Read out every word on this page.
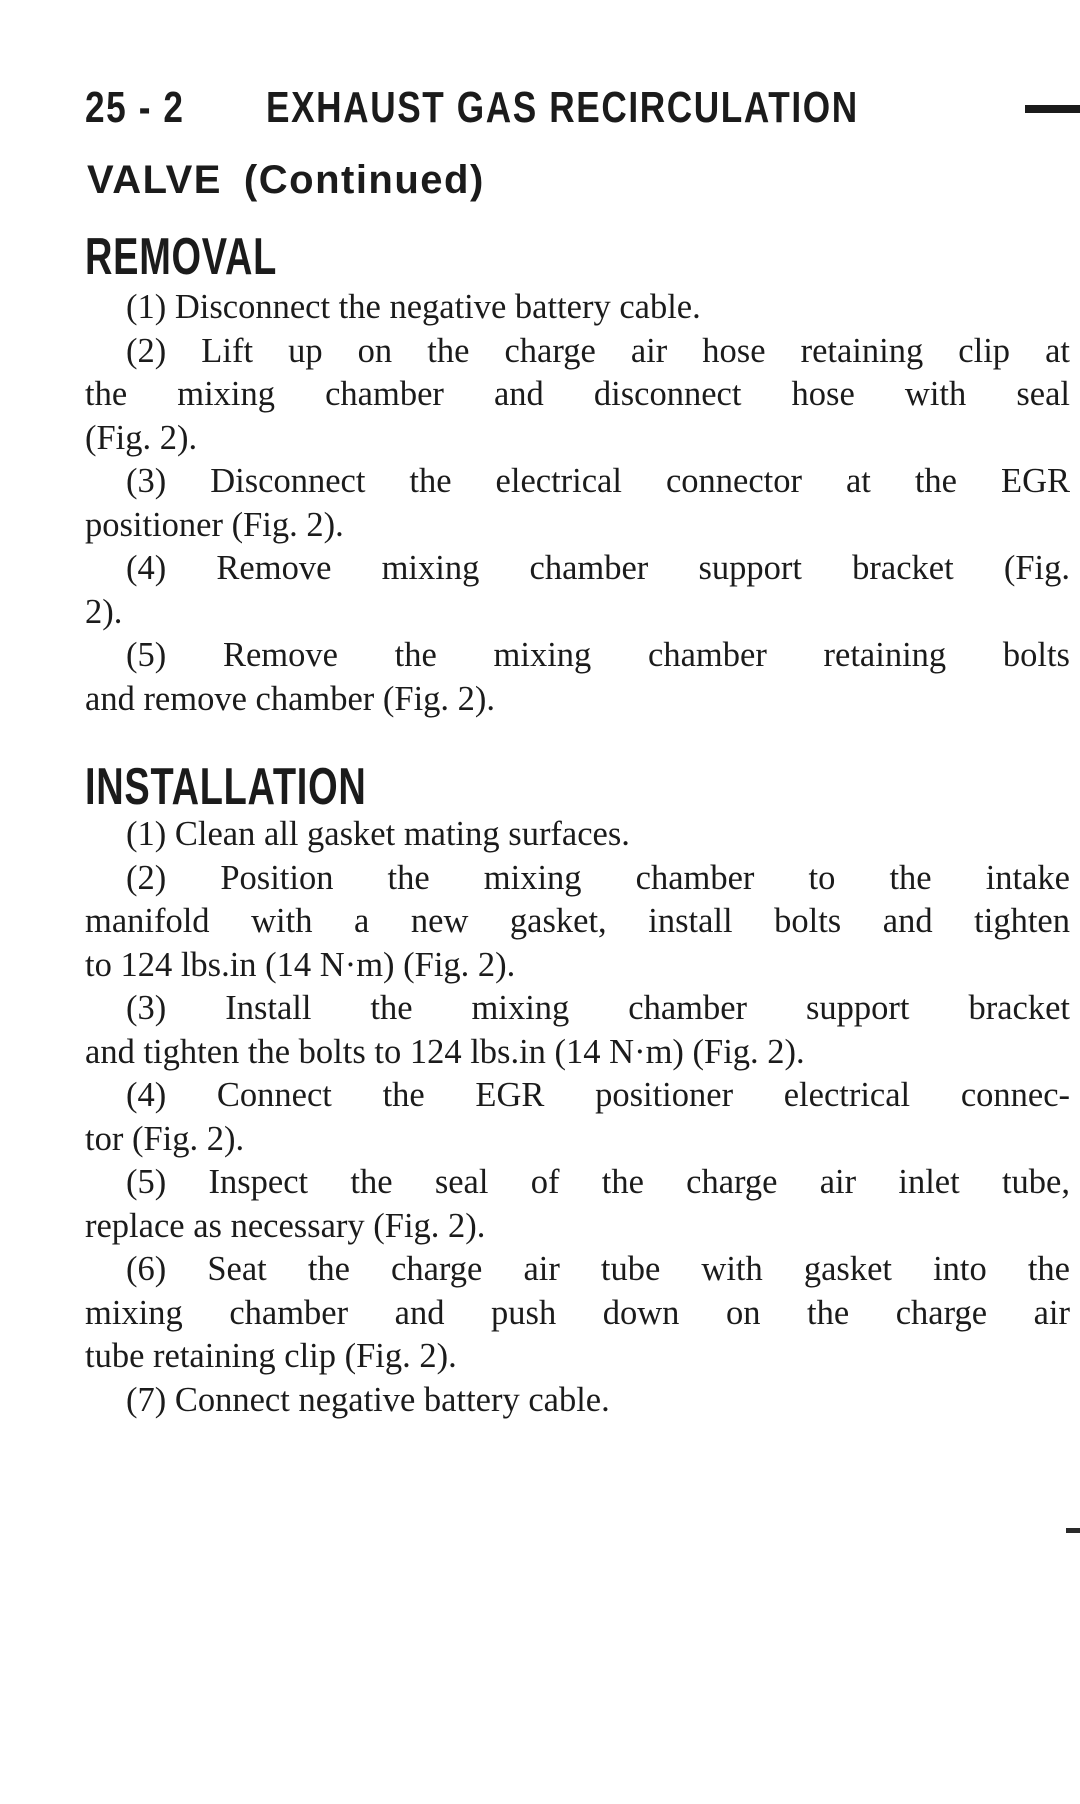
25 - 2 EXHAUST GAS RECIRCULATION
VALVE (Continued)
REMOVAL
(1) Disconnect the negative battery cable.
(2) Lift up on the charge air hose retaining clip at
the mixing chamber and disconnect hose with seal
(Fig. 2).
(3) Disconnect the electrical connector at the EGR
positioner (Fig. 2).
(4) Remove mixing chamber support bracket (Fig.
2).
(5) Remove the mixing chamber retaining bolts
and remove chamber (Fig. 2).
INSTALLATION
(1) Clean all gasket mating surfaces.
(2) Position the mixing chamber to the intake
manifold with a new gasket, install bolts and tighten
to 124 lbs.in (14 N·m) (Fig. 2).
(3) Install the mixing chamber support bracket
and tighten the bolts to 124 lbs.in (14 N·m) (Fig. 2).
(4) Connect the EGR positioner electrical connec-
tor (Fig. 2).
(5) Inspect the seal of the charge air inlet tube,
replace as necessary (Fig. 2).
(6) Seat the charge air tube with gasket into the
mixing chamber and push down on the charge air
tube retaining clip (Fig. 2).
(7) Connect negative battery cable.
